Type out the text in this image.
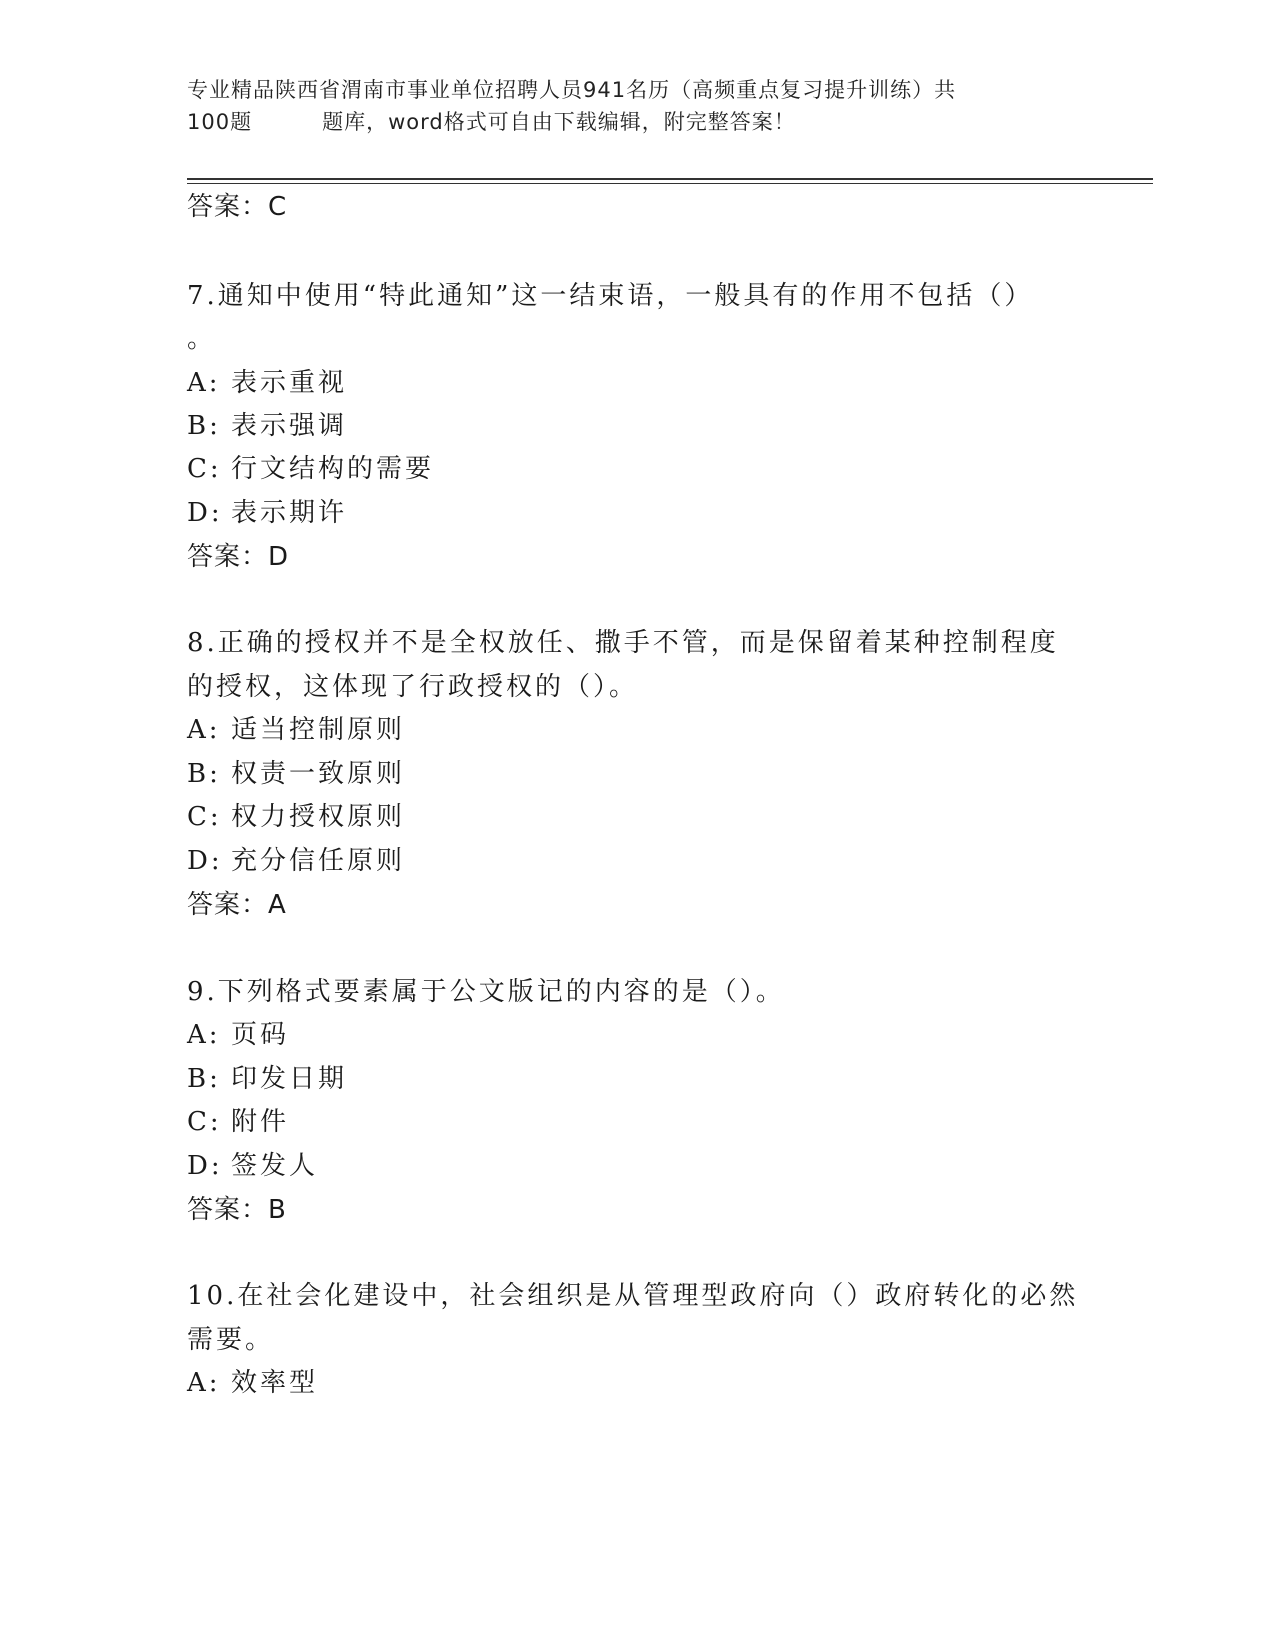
专业精品陕西省渭南市事业单位招聘人员941名历（高频重点复习提升训练）共
100题	题库，word格式可自由下载编辑，附完整答案！
答案：C
7.通知中使用“特此通知”这一结束语，一般具有的作用不包括（）
。
A: 表示重视
B: 表示强调
C: 行文结构的需要
D: 表示期许
答案：D
8.正确的授权并不是全权放任、撒手不管，而是保留着某种控制程度
的授权，这体现了行政授权的（）。
A: 适当控制原则
B: 权责一致原则
C: 权力授权原则
D: 充分信任原则
答案：A
9.下列格式要素属于公文版记的内容的是（）。
A: 页码
B: 印发日期
C: 附件
D: 签发人
答案：B
10.在社会化建设中，社会组织是从管理型政府向（）政府转化的必然
需要。
A: 效率型
